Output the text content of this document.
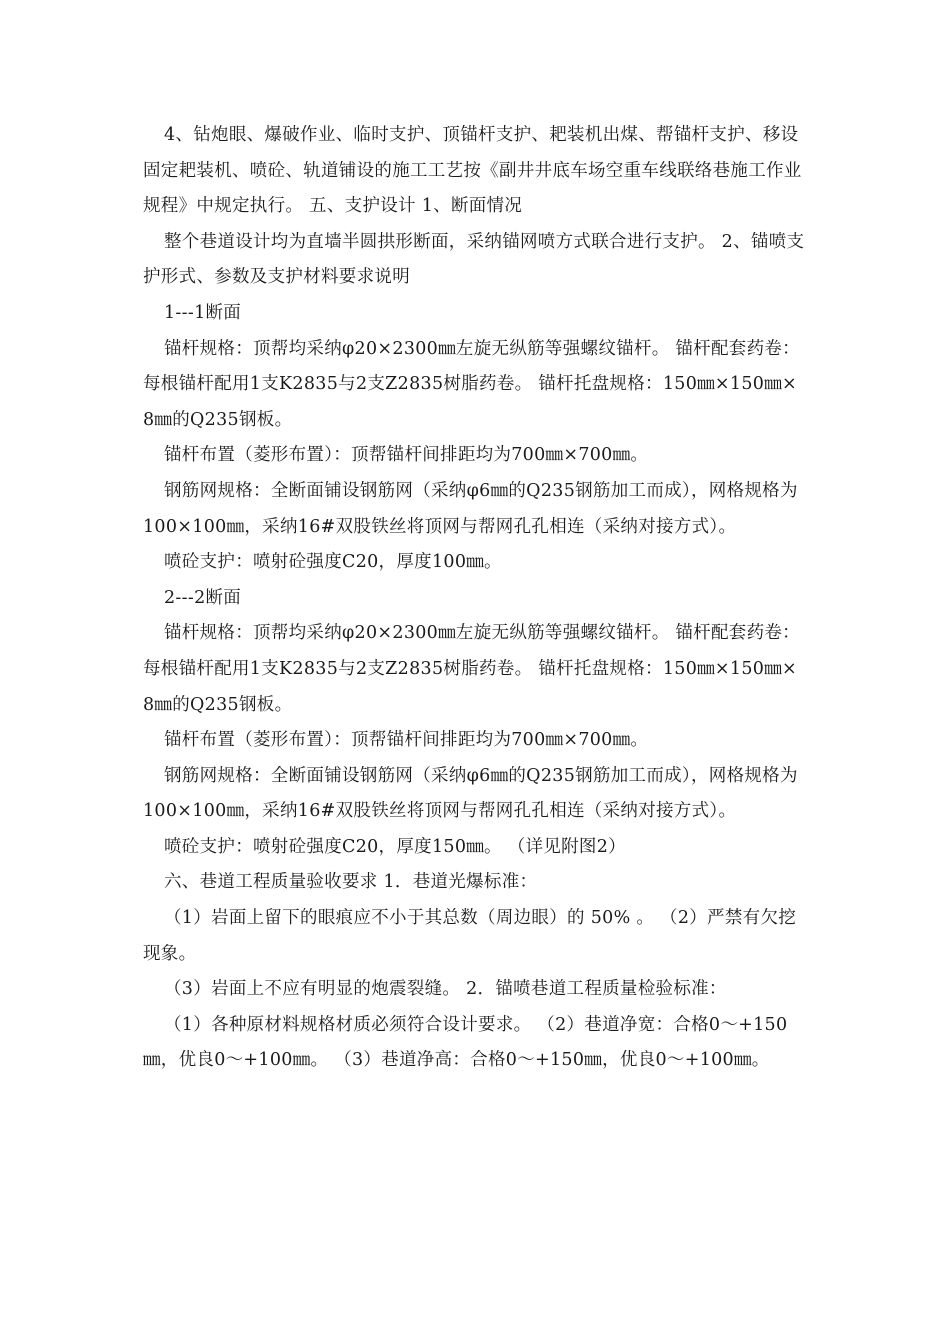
4、钻炮眼、爆破作业、临时支护、顶锚杆支护、耙装机出煤、帮锚杆支护、移设固定耙装机、喷砼、轨道铺设的施工工艺按《副井井底车场空重车线联络巷施工作业规程》中规定执行。 五、支护设计 1、断面情况

整个巷道设计均为直墙半圆拱形断面，采纳锚网喷方式联合进行支护。 2、锚喷支护形式、参数及支护材料要求说明

1---1断面

锚杆规格：顶帮均采纳φ20×2300㎜左旋无纵筋等强螺纹锚杆。 锚杆配套药卷：每根锚杆配用1支K2835与2支Z2835树脂药卷。 锚杆托盘规格：150㎜×150㎜×8㎜的Q235钢板。

锚杆布置（菱形布置）：顶帮锚杆间排距均为700㎜×700㎜。

钢筋网规格：全断面铺设钢筋网（采纳φ6㎜的Q235钢筋加工而成），网格规格为100×100㎜，采纳16#双股铁丝将顶网与帮网孔孔相连（采纳对接方式）。

喷砼支护：喷射砼强度C20，厚度100㎜。

2---2断面

锚杆规格：顶帮均采纳φ20×2300㎜左旋无纵筋等强螺纹锚杆。 锚杆配套药卷：每根锚杆配用1支K2835与2支Z2835树脂药卷。 锚杆托盘规格：150㎜×150㎜×8㎜的Q235钢板。

锚杆布置（菱形布置）：顶帮锚杆间排距均为700㎜×700㎜。

钢筋网规格：全断面铺设钢筋网（采纳φ6㎜的Q235钢筋加工而成），网格规格为100×100㎜，采纳16#双股铁丝将顶网与帮网孔孔相连（采纳对接方式）。

喷砼支护：喷射砼强度C20，厚度150㎜。 （详见附图2）

六、巷道工程质量验收要求 1．巷道光爆标准：

（1）岩面上留下的眼痕应不小于其总数（周边眼）的 50% 。 （2）严禁有欠挖现象。

（3）岩面上不应有明显的炮震裂缝。 2．锚喷巷道工程质量检验标准：

（1）各种原材料规格材质必须符合设计要求。 （2）巷道净宽：合格0～+150㎜，优良0～+100㎜。 （3）巷道净高：合格0～+150㎜，优良0～+100㎜。
